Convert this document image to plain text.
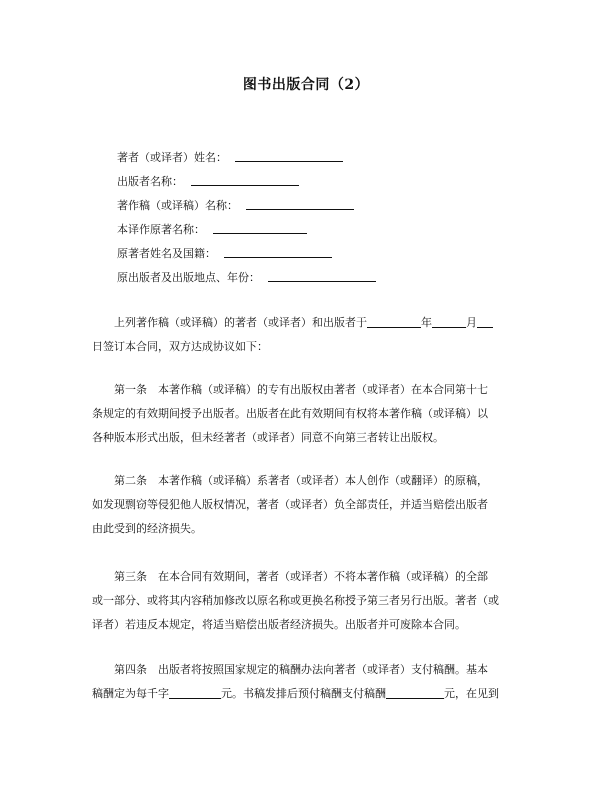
图书出版合同（2）
著者（或译者）姓名：
出版者名称：
著作稿（或译稿）名称：
本译作原著名称：
原著者姓名及国籍：
原出版者及出版地点、年份：

上列著作稿（或译稿）的著者（或译者）和出版者于	年	月
日签订本合同，双方达成协议如下：

第一条　本著作稿（或译稿）的专有出版权由著者（或译者）在本合同第十七
条规定的有效期间授予出版者。出版者在此有效期间有权将本著作稿（或译稿）以
各种版本形式出版，但未经著者（或译者）同意不向第三者转让出版权。

第二条　本著作稿（或译稿）系著者（或译者）本人创作（或翻译）的原稿，
如发现剽窃等侵犯他人版权情况，著者（或译者）负全部责任，并适当赔偿出版者
由此受到的经济损失。

第三条　在本合同有效期间，著者（或译者）不将本著作稿（或译稿）的全部
或一部分、或将其内容稍加修改以原名称或更换名称授予第三者另行出版。著者（或
译者）若违反本规定，将适当赔偿出版者经济损失。出版者并可废除本合同。

第四条　出版者将按照国家规定的稿酬办法向著者（或译者）支付稿酬。基本
稿酬定为每千字	元。书稿发排后预付稿酬支付稿酬	元，在见到
